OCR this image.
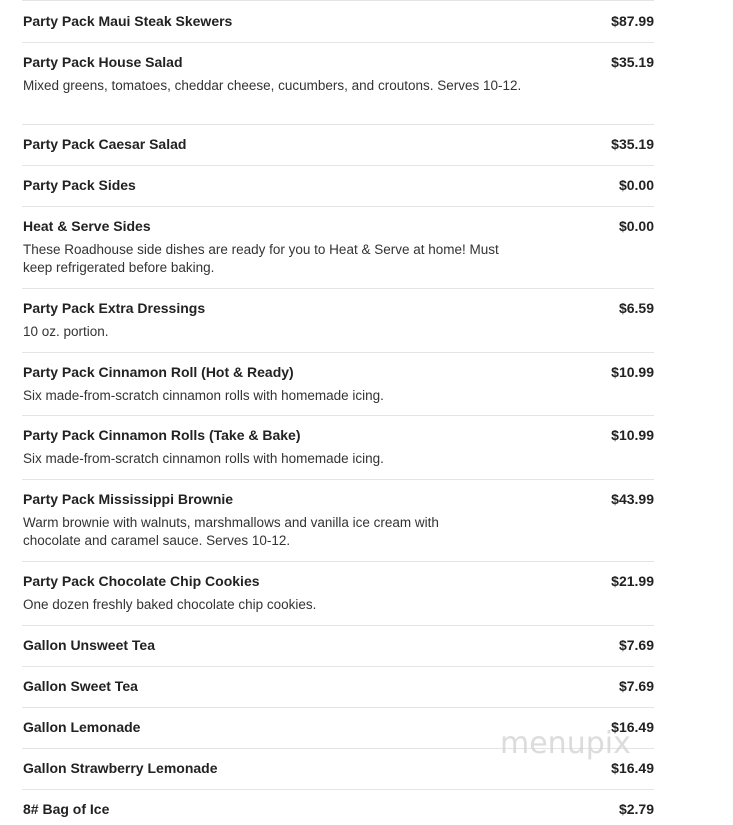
Party Pack Maui Steak Skewers	$87.99
Party Pack House Salad	$35.19
Mixed greens, tomatoes, cheddar cheese, cucumbers, and croutons. Serves 10-12.
Party Pack Caesar Salad	$35.19
Party Pack Sides	$0.00
Heat & Serve Sides	$0.00
These Roadhouse side dishes are ready for you to Heat & Serve at home! Must keep refrigerated before baking.
Party Pack Extra Dressings	$6.59
10 oz. portion.
Party Pack Cinnamon Roll (Hot & Ready)	$10.99
Six made-from-scratch cinnamon rolls with homemade icing.
Party Pack Cinnamon Rolls (Take & Bake)	$10.99
Six made-from-scratch cinnamon rolls with homemade icing.
Party Pack Mississippi Brownie	$43.99
Warm brownie with walnuts, marshmallows and vanilla ice cream with chocolate and caramel sauce. Serves 10-12.
Party Pack Chocolate Chip Cookies	$21.99
One dozen freshly baked chocolate chip cookies.
Gallon Unsweet Tea	$7.69
Gallon Sweet Tea	$7.69
Gallon Lemonade	$16.49
Gallon Strawberry Lemonade	$16.49
8# Bag of Ice	$2.79
menupix
